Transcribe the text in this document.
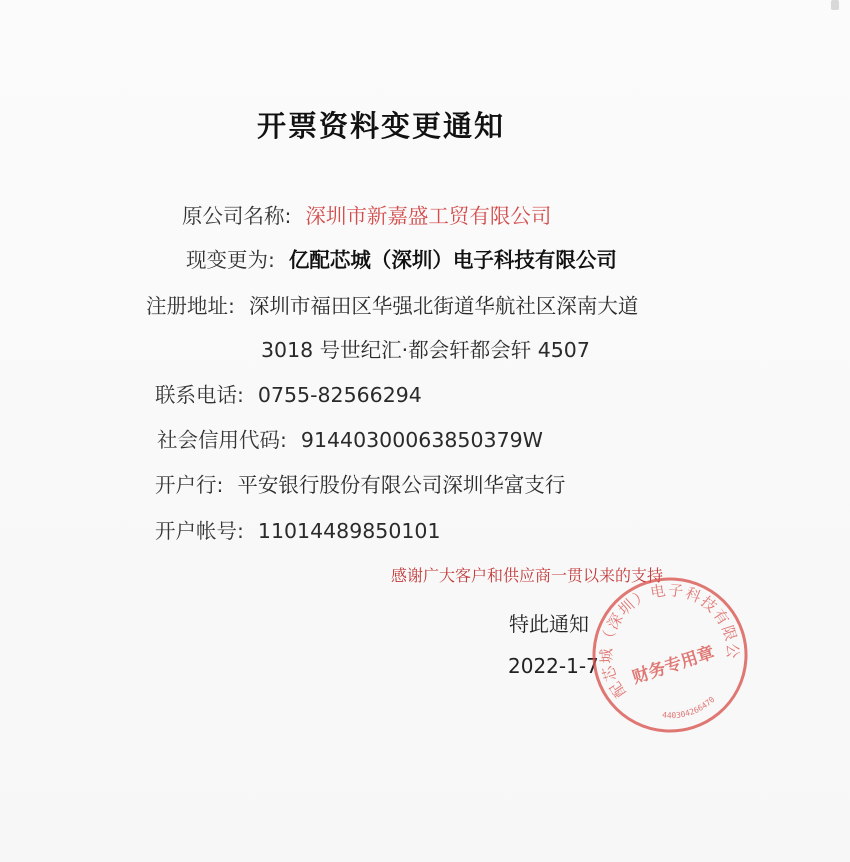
开票资料变更通知
原公司名称: 深圳市新嘉盛工贸有限公司
现变更为: 亿配芯城（深圳）电子科技有限公司
注册地址: 深圳市福田区华强北街道华航社区深南大道
3018 号世纪汇·都会轩都会轩 4507
联系电话: 0755-82566294
社会信用代码: 91440300063850379W
开户行: 平安银行股份有限公司深圳华富支行
开户帐号: 11014489850101
感谢广大客户和供应商一贯以来的支持
特此通知
2022-1-7
亿配芯城（深圳）电子科技有限公司
财务专用章
440304266470
